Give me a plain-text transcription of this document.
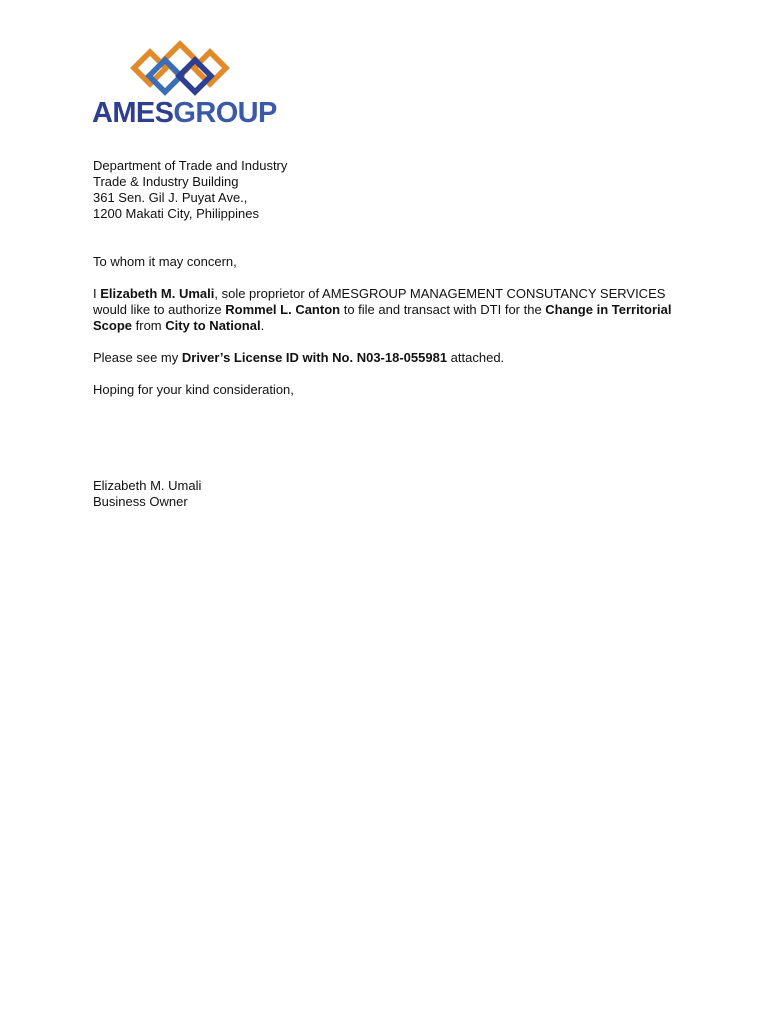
AMESGROUP

Department of Trade and Industry
Trade & Industry Building
361 Sen. Gil J. Puyat Ave.,
1200 Makati City, Philippines

To whom it may concern,

I Elizabeth M. Umali, sole proprietor of AMESGROUP MANAGEMENT CONSUTANCY SERVICES would like to authorize Rommel L. Canton to file and transact with DTI for the Change in Territorial Scope from City to National.

Please see my Driver’s License ID with No. N03-18-055981 attached.

Hoping for your kind consideration,

Elizabeth M. Umali
Business Owner
